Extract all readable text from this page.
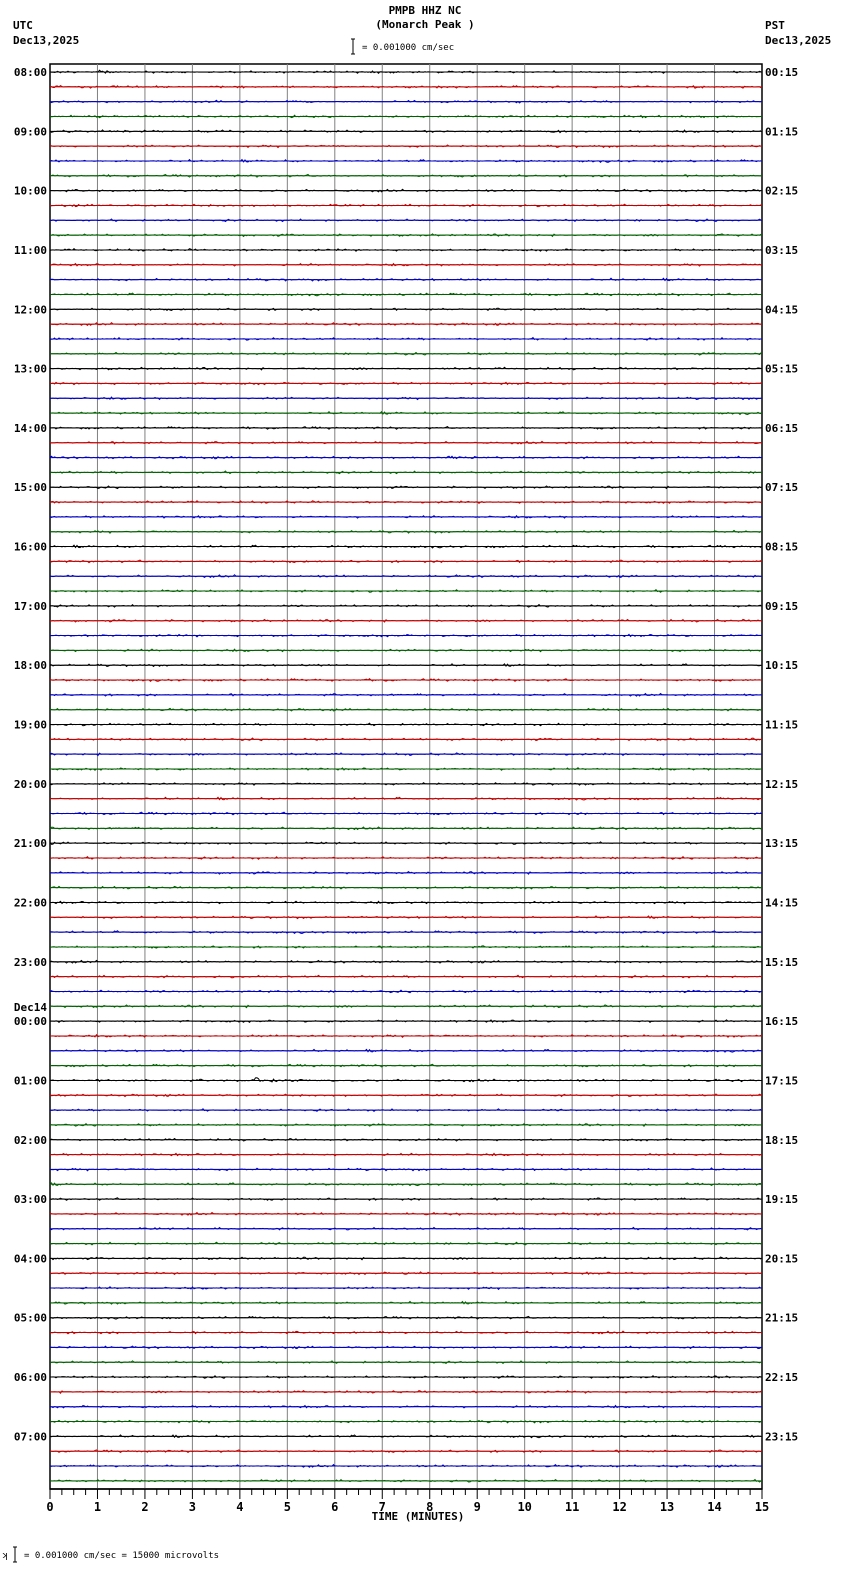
PMPB HHZ NC
(Monarch Peak )
UTC
Dec13,2025
PST
Dec13,2025
= 0.001000 cm/sec
08:00
09:00
10:00
11:00
12:00
13:00
14:00
15:00
16:00
17:00
18:00
19:00
20:00
21:00
22:00
23:00
00:00
Dec14
01:00
02:00
03:00
04:00
05:00
06:00
07:00
00:15
01:15
02:15
03:15
04:15
05:15
06:15
07:15
08:15
09:15
10:15
11:15
12:15
13:15
14:15
15:15
16:15
17:15
18:15
19:15
20:15
21:15
22:15
23:15
0	1	2	3	4	5	6	7	8	9	10	11	12	13	14	15
TIME (MINUTES)
ʞ = 0.001000 cm/sec = 15000 microvolts
